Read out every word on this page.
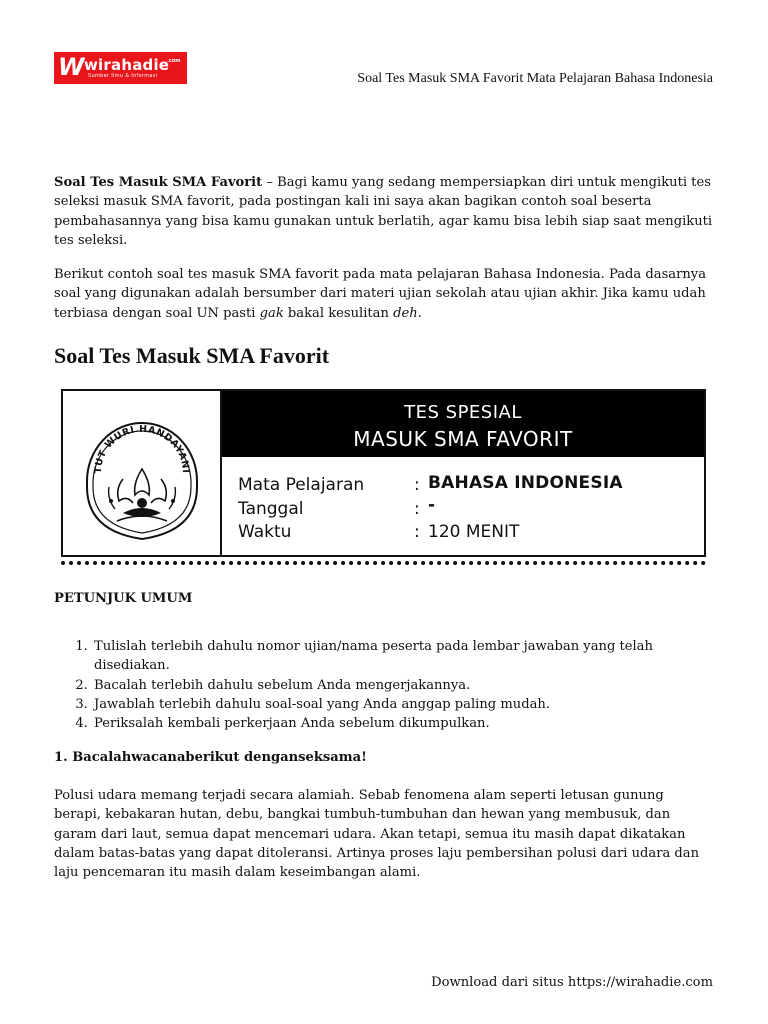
W wirahadie
.com
Sumber Ilmu & Informasi	Soal Tes Masuk SMA Favorit Mata Pelajaran Bahasa Indonesia

Soal Tes Masuk SMA Favorit – Bagi kamu yang sedang mempersiapkan diri untuk mengikuti tes seleksi masuk SMA favorit, pada postingan kali ini saya akan bagikan contoh soal beserta pembahasannya yang bisa kamu gunakan untuk berlatih, agar kamu bisa lebih siap saat mengikuti tes seleksi.

Berikut contoh soal tes masuk SMA favorit pada mata pelajaran Bahasa Indonesia. Pada dasarnya soal yang digunakan adalah bersumber dari materi ujian sekolah atau ujian akhir. Jika kamu udah terbiasa dengan soal UN pasti gak bakal kesulitan deh.

Soal Tes Masuk SMA Favorit
TUT WURI HANDAYANI
TES SPESIAL
MASUK SMA FAVORIT
Mata Pelajaran	: BAHASA INDONESIA
Tanggal	: -
Waktu	: 120 MENIT

PETUNJUK UMUM

1. Tulislah terlebih dahulu nomor ujian/nama peserta pada lembar jawaban yang telah disediakan.
2. Bacalah terlebih dahulu sebelum Anda mengerjakannya.
3. Jawablah terlebih dahulu soal-soal yang Anda anggap paling mudah.
4. Periksalah kembali perkerjaan Anda sebelum dikumpulkan.

1. Bacalahwacanaberikut denganseksama!

Polusi udara memang terjadi secara alamiah. Sebab fenomena alam seperti letusan gunung berapi, kebakaran hutan, debu, bangkai tumbuh-tumbuhan dan hewan yang membusuk, dan garam dari laut, semua dapat mencemari udara. Akan tetapi, semua itu masih dapat dikatakan dalam batas-batas yang dapat ditoleransi. Artinya proses laju pembersihan polusi dari udara dan laju pencemaran itu masih dalam keseimbangan alami.

Download dari situs https://wirahadie.com
